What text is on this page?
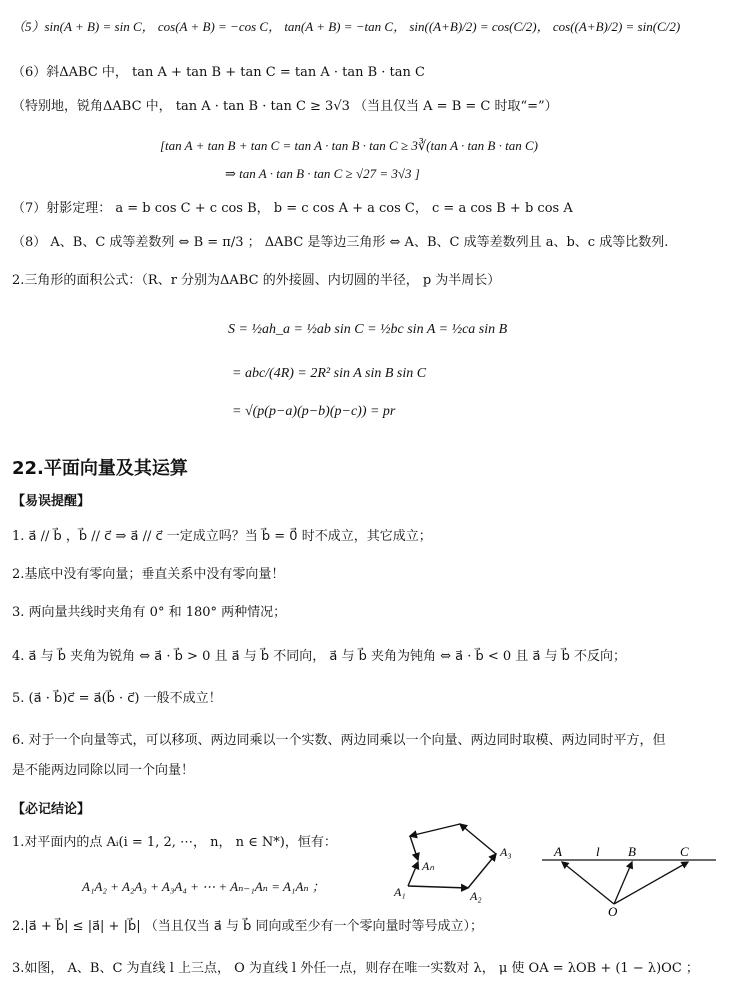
（5）sin(A + B) = sin C， cos(A + B) = −cos C， tan(A + B) = −tan C， sin((A+B)/2) = cos(C/2)， cos((A+B)/2) = sin(C/2)
（6）斜ΔABC 中， tan A + tan B + tan C = tan A · tan B · tan C
（特别地，锐角ΔABC 中， tan A · tan B · tan C ≥ 3√3 （当且仅当 A = B = C 时取“=”）
[tan A + tan B + tan C = tan A · tan B · tan C ≥ 3∛(tan A · tan B · tan C)
⇒ tan A · tan B · tan C ≥ √27 = 3√3 ]
（7）射影定理： a = b cos C + c cos B， b = c cos A + a cos C， c = a cos B + b cos A
（8） A、B、C 成等差数列 ⇔ B = π/3 ； ΔABC 是等边三角形 ⇔ A、B、C 成等差数列且 a、b、c 成等比数列.
2.三角形的面积公式：（R、r 分别为ΔABC 的外接圆、内切圆的半径， p 为半周长）
S = ½ah_a = ½ab sin C = ½bc sin A = ½ca sin B
= abc/(4R) = 2R² sin A sin B sin C
= √(p(p−a)(p−b)(p−c)) = pr
22.平面向量及其运算
【易误提醒】
1. a⃗ // b⃗ ，b⃗ // c⃗ ⇒ a⃗ // c⃗ 一定成立吗？当 b⃗ = 0⃗ 时不成立，其它成立；
2.基底中没有零向量；垂直关系中没有零向量！
3. 两向量共线时夹角有 0° 和 180° 两种情况；
4. a⃗ 与 b⃗ 夹角为锐角 ⇔ a⃗ · b⃗ > 0 且 a⃗ 与 b⃗ 不同向， a⃗ 与 b⃗ 夹角为钝角 ⇔ a⃗ · b⃗ < 0 且 a⃗ 与 b⃗ 不反向；
5. (a⃗ · b⃗)c⃗ = a⃗(b⃗ · c⃗) 一般不成立！
6. 对于一个向量等式，可以移项、两边同乘以一个实数、两边同乘以一个向量、两边同时取模、两边同时平方，但
是不能两边同除以同一个向量！
【必记结论】
1.对平面内的点 Aᵢ(i = 1, 2, ⋯， n， n ∈ N*)，恒有：
A₁A₂ + A₂A₃ + A₃A₄ + ⋯ + Aₙ₋₁Aₙ = A₁Aₙ ；
2.|a⃗ + b⃗| ≤ |a⃗| + |b⃗| （当且仅当 a⃗ 与 b⃗ 同向或至少有一个零向量时等号成立）；
3.如图， A、B、C 为直线 l 上三点， O 为直线 l 外任一点，则存在唯一实数对 λ， μ 使 OA = λOB + (1 − λ)OC ；
A₁	A₂
A₃
Aₙ
A	l B	C
O
